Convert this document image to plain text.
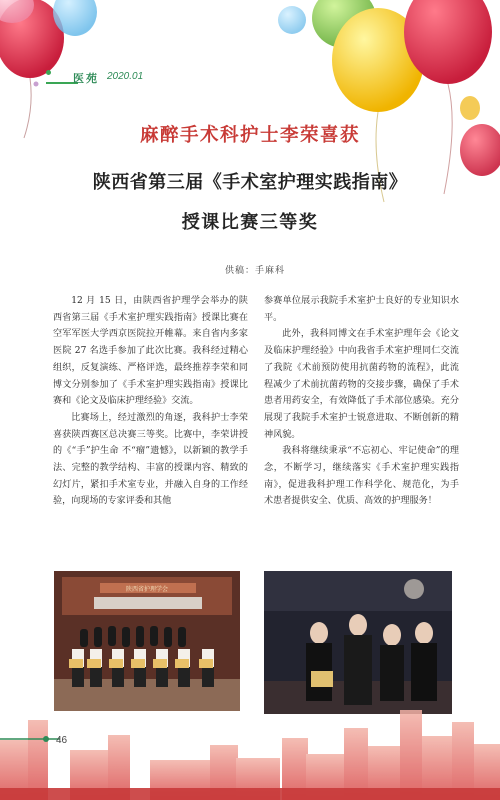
医苑 2020.01
麻醉手术科护士李荣喜获
陕西省第三届《手术室护理实践指南》
授课比赛三等奖
供稿：手麻科

12 月 15 日，由陕西省护理学会举办的陕西省第三届《手术室护理实践指南》授课比赛在空军军医大学西京医院拉开帷幕。来自省内多家医院 27 名选手参加了此次比赛。我科经过精心组织，反复演练、严格评选，最终推荐李荣和同博文分别参加了《手术室护理实践指南》授课比赛和《论文及临床护理经验》交流。

比赛场上，经过激烈的角逐，我科护士李荣喜获陕西赛区总决赛三等奖。比赛中，李荣讲授的《“手”护生命 不“瘤”遗憾》，以新颖的教学手法、完整的教学结构、丰富的授课内容、精致的幻灯片，紧扣手术室专业，并融入自身的工作经验，向现场的专家评委和其他

参赛单位展示我院手术室护士良好的专业知识水平。

此外，我科同博文在手术室护理年会《论文及临床护理经验》中向我省手术室护理同仁交流了我院《术前预防使用抗菌药物的流程》，此流程减少了术前抗菌药物的交接步骤，确保了手术患者用药安全，有效降低了手术部位感染。充分展现了我院手术室护士锐意进取、不断创新的精神风貌。

我科将继续秉承“不忘初心、牢记使命”的理念，不断学习，继续落实《手术室护理实践指南》，促进我科护理工作科学化、规范化，为手术患者提供安全、优质、高效的护理服务！

陕西省护理学会
46
